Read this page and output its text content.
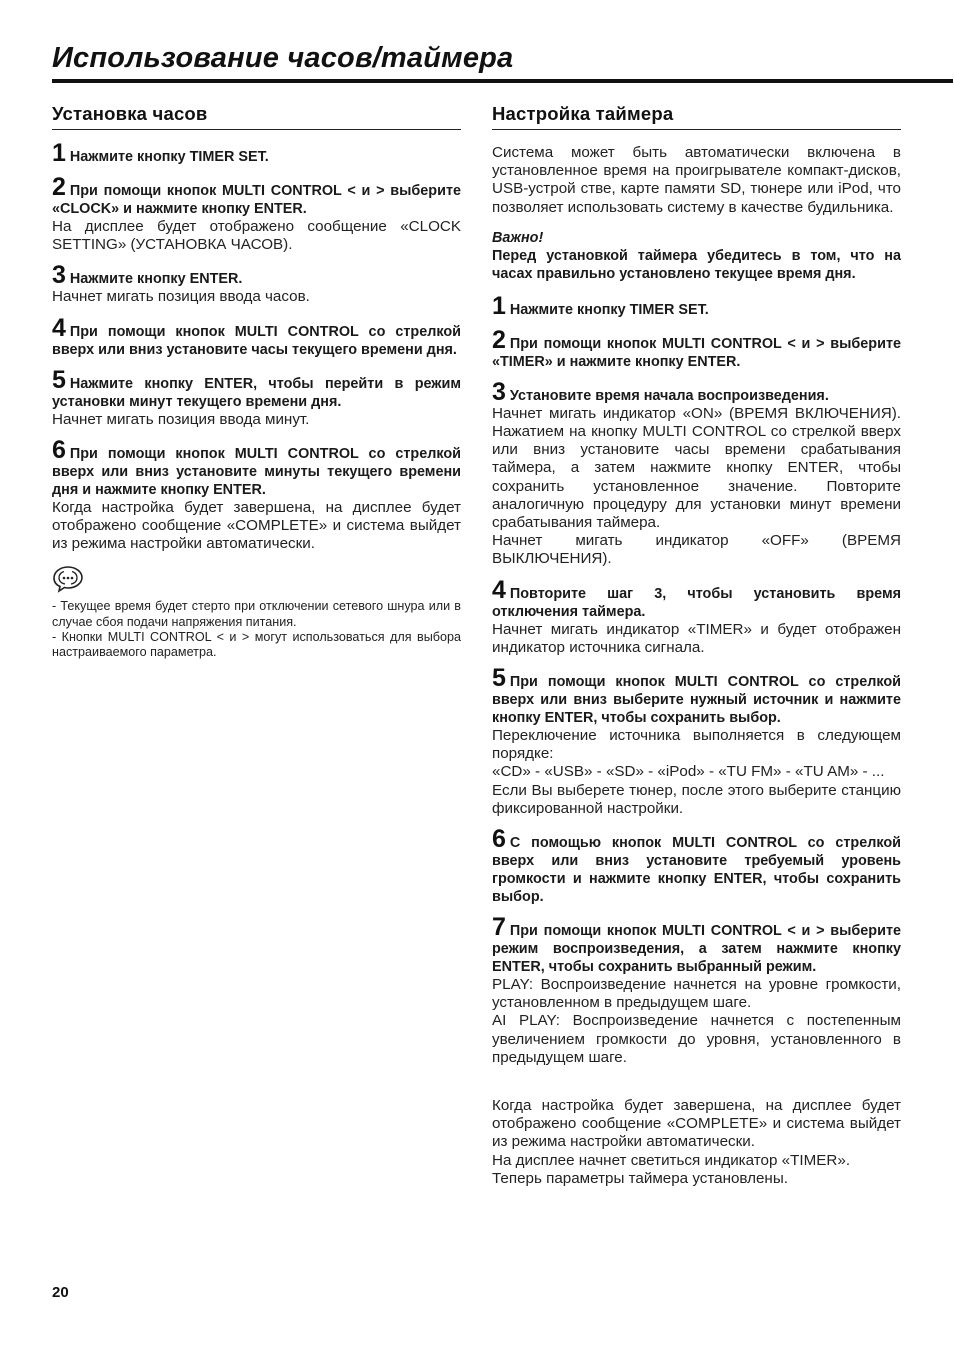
Использование часов/таймера
Установка часов
1 Нажмите кнопку TIMER SET.
2 При помощи кнопок MULTI CONTROL < и > выберите «CLOCK» и нажмите кнопку ENTER.
На дисплее будет отображено сообщение «CLOCK SETTING» (УСТАНОВКА ЧАСОВ).
3 Нажмите кнопку ENTER.
Начнет мигать позиция ввода часов.
4 При помощи кнопок MULTI CONTROL со стрелкой вверх или вниз установите часы текущего времени дня.
5 Нажмите кнопку ENTER, чтобы перейти в режим установки минут текущего времени дня.
Начнет мигать позиция ввода минут.
6 При помощи кнопок MULTI CONTROL со стрелкой вверх или вниз установите минуты текущего времени дня и нажмите кнопку ENTER.
Когда настройка будет завершена, на дисплее будет отображено сообщение «COMPLETE» и система выйдет из режима настройки автоматически.
- Текущее время будет стерто при отключении сетевого шнура или в случае сбоя подачи напряжения питания.
- Кнопки MULTI CONTROL < и > могут использоваться для выбора настраиваемого параметра.
Настройка таймера
Система может быть автоматически включена в установленное время на проигрывателе компакт-дисков, USB-устрой стве, карте памяти SD, тюнере или iPod, что позволяет использовать систему в качестве будильника.
Важно!
Перед установкой таймера убедитесь в том, что на часах правильно установлено текущее время дня.
1 Нажмите кнопку TIMER SET.
2 При помощи кнопок MULTI CONTROL < и > выберите «TIMER» и нажмите кнопку ENTER.
3 Установите время начала воспроизведения.
Начнет мигать индикатор «ON» (ВРЕМЯ ВКЛЮЧЕНИЯ). Нажатием на кнопку MULTI CONTROL со стрелкой вверх или вниз установите часы времени срабатывания таймера, а затем нажмите кнопку ENTER, чтобы сохранить установленное значение. Повторите аналогичную процедуру для установки минут времени срабатывания таймера.
Начнет мигать индикатор «OFF» (ВРЕМЯ ВЫКЛЮЧЕНИЯ).
4 Повторите шаг 3, чтобы установить время отключения таймера.
Начнет мигать индикатор «TIMER» и будет отображен индикатор источника сигнала.
5 При помощи кнопок MULTI CONTROL со стрелкой вверх или вниз выберите нужный источник и нажмите кнопку ENTER, чтобы сохранить выбор.
Переключение источника выполняется в следующем порядке:
«CD» - «USB» - «SD» - «iPod» - «TU FM» - «TU AM» - ...
Если Вы выберете тюнер, после этого выберите станцию фиксированной настройки.
6 С помощью кнопок MULTI CONTROL со стрелкой вверх или вниз установите требуемый уровень громкости и нажмите кнопку ENTER, чтобы сохранить выбор.
7 При помощи кнопок MULTI CONTROL < и > выберите режим воспроизведения, а затем нажмите кнопку ENTER, чтобы сохранить выбранный режим.
PLAY: Воспроизведение начнется на уровне громкости, установленном в предыдущем шаге.
AI PLAY: Воспроизведение начнется с постепенным увеличением громкости до уровня, установленного в предыдущем шаге.
Когда настройка будет завершена, на дисплее будет отображено сообщение «COMPLETE» и система выйдет из режима настройки автоматически.
На дисплее начнет светиться индикатор «TIMER».
Теперь параметры таймера установлены.
20
